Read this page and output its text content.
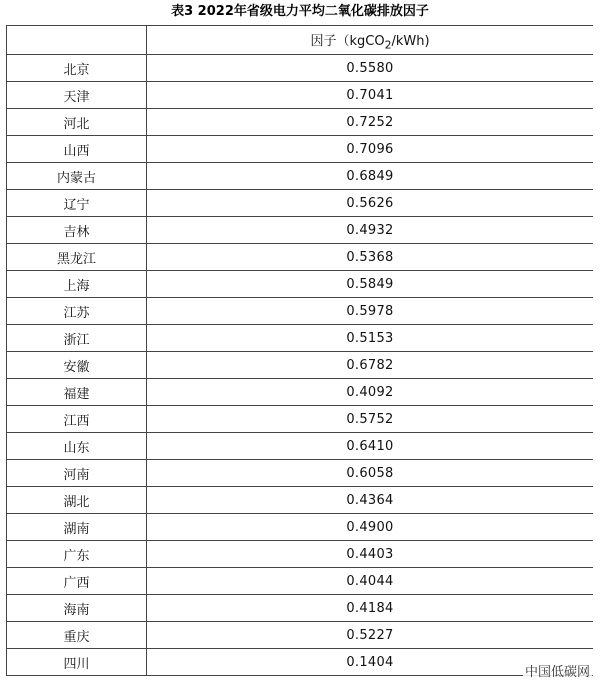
表3 2022年省级电力平均二氧化碳排放因子
	因子（kgCO$_2$/kWh)
北京	0.5580
天津	0.7041
河北	0.7252
山西	0.7096
内蒙古	0.6849
辽宁	0.5626
吉林	0.4932
黑龙江	0.5368
上海	0.5849
江苏	0.5978
浙江	0.5153
安徽	0.6782
福建	0.4092
江西	0.5752
山东	0.6410
河南	0.6058
湖北	0.4364
湖南	0.4900
广东	0.4403
广西	0.4044
海南	0.4184
重庆	0.5227
四川	0.1404
中国低碳网
